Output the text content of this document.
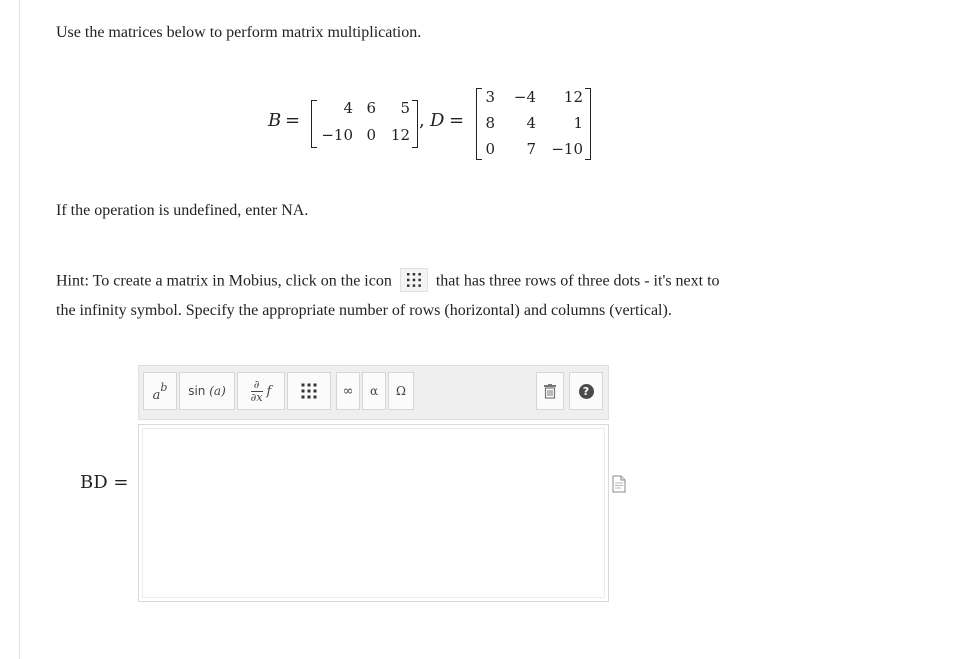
Use the matrices below to perform matrix multiplication.
B =
4 6	5
−10 0 12
, D =
3	−4	12
8	4	1
0	7	−10
If the operation is undefined, enter NA.
Hint: To create a matrix in Mobius, click on the icon	that has three rows of three dots - it's next to
the infinity symbol. Specify the appropriate number of rows (horizontal) and columns (vertical).
a
b sin
(a)	∂
∂x f	∞ α Ω	?
BD =
